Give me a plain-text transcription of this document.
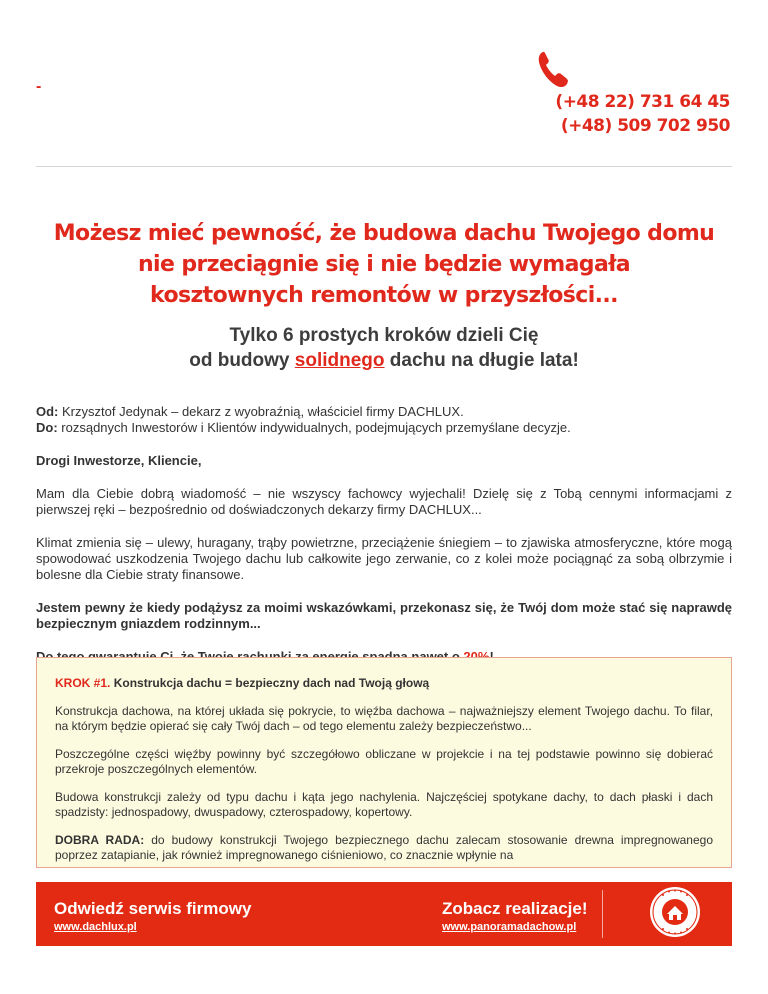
-
(+48 22) 731 64 45
(+48) 509 702 950
Możesz mieć pewność, że budowa dachu Twojego domu
nie przeciągnie się i nie będzie wymagała
kosztownych remontów w przyszłości...
Tylko 6 prostych kroków dzieli Cię
od budowy solidnego dachu na długie lata!

Od: Krzysztof Jedynak – dekarz z wyobraźnią, właściciel firmy DACHLUX.

Do: rozsądnych Inwestorów i Klientów indywidualnych, podejmujących przemyślane decyzje.

Drogi Inwestorze, Kliencie,

Mam dla Ciebie dobrą wiadomość – nie wszyscy fachowcy wyjechali! Dzielę się z Tobą cennymi informacjami z pierwszej ręki – bezpośrednio od doświadczonych dekarzy firmy DACHLUX...

Klimat zmienia się – ulewy, huragany, trąby powietrzne, przeciążenie śniegiem – to zjawiska atmosferyczne, które mogą spowodować uszkodzenia Twojego dachu lub całkowite jego zerwanie, co z kolei może pociągnąć za sobą olbrzymie i bolesne dla Ciebie straty finansowe.

Jestem pewny że kiedy podążysz za moimi wskazówkami, przekonasz się, że Twój dom może stać się naprawdę bezpiecznym gniazdem rodzinnym...

KROK #1. Konstrukcja dachu = bezpieczny dach nad Twoją głową

Konstrukcja dachowa, na której układa się pokrycie, to więźba dachowa – najważniejszy element Twojego dachu. To filar, na którym będzie opierać się cały Twój dach – od tego elementu zależy bezpieczeństwo...

Poszczególne części więźby powinny być szczegółowo obliczane w projekcie i na tej podstawie powinno się dobierać przekroje poszczególnych elementów.

Budowa konstrukcji zależy od typu dachu i kąta jego nachylenia. Najczęściej spotykane dachy, to dach płaski i dach spadzisty: jednospadowy, dwuspadowy, czterospadowy, kopertowy.

DOBRA RADA: do budowy konstrukcji Twojego bezpiecznego dachu zalecam stosowanie drewna impregnowanego poprzez zatapianie, jak również impregnowanego ciśnieniowo, co znacznie wpłynie na

Odwiedź serwis firmowy
www.dachlux.pl
Zobacz realizacje!
www.panoramadachow.pl
